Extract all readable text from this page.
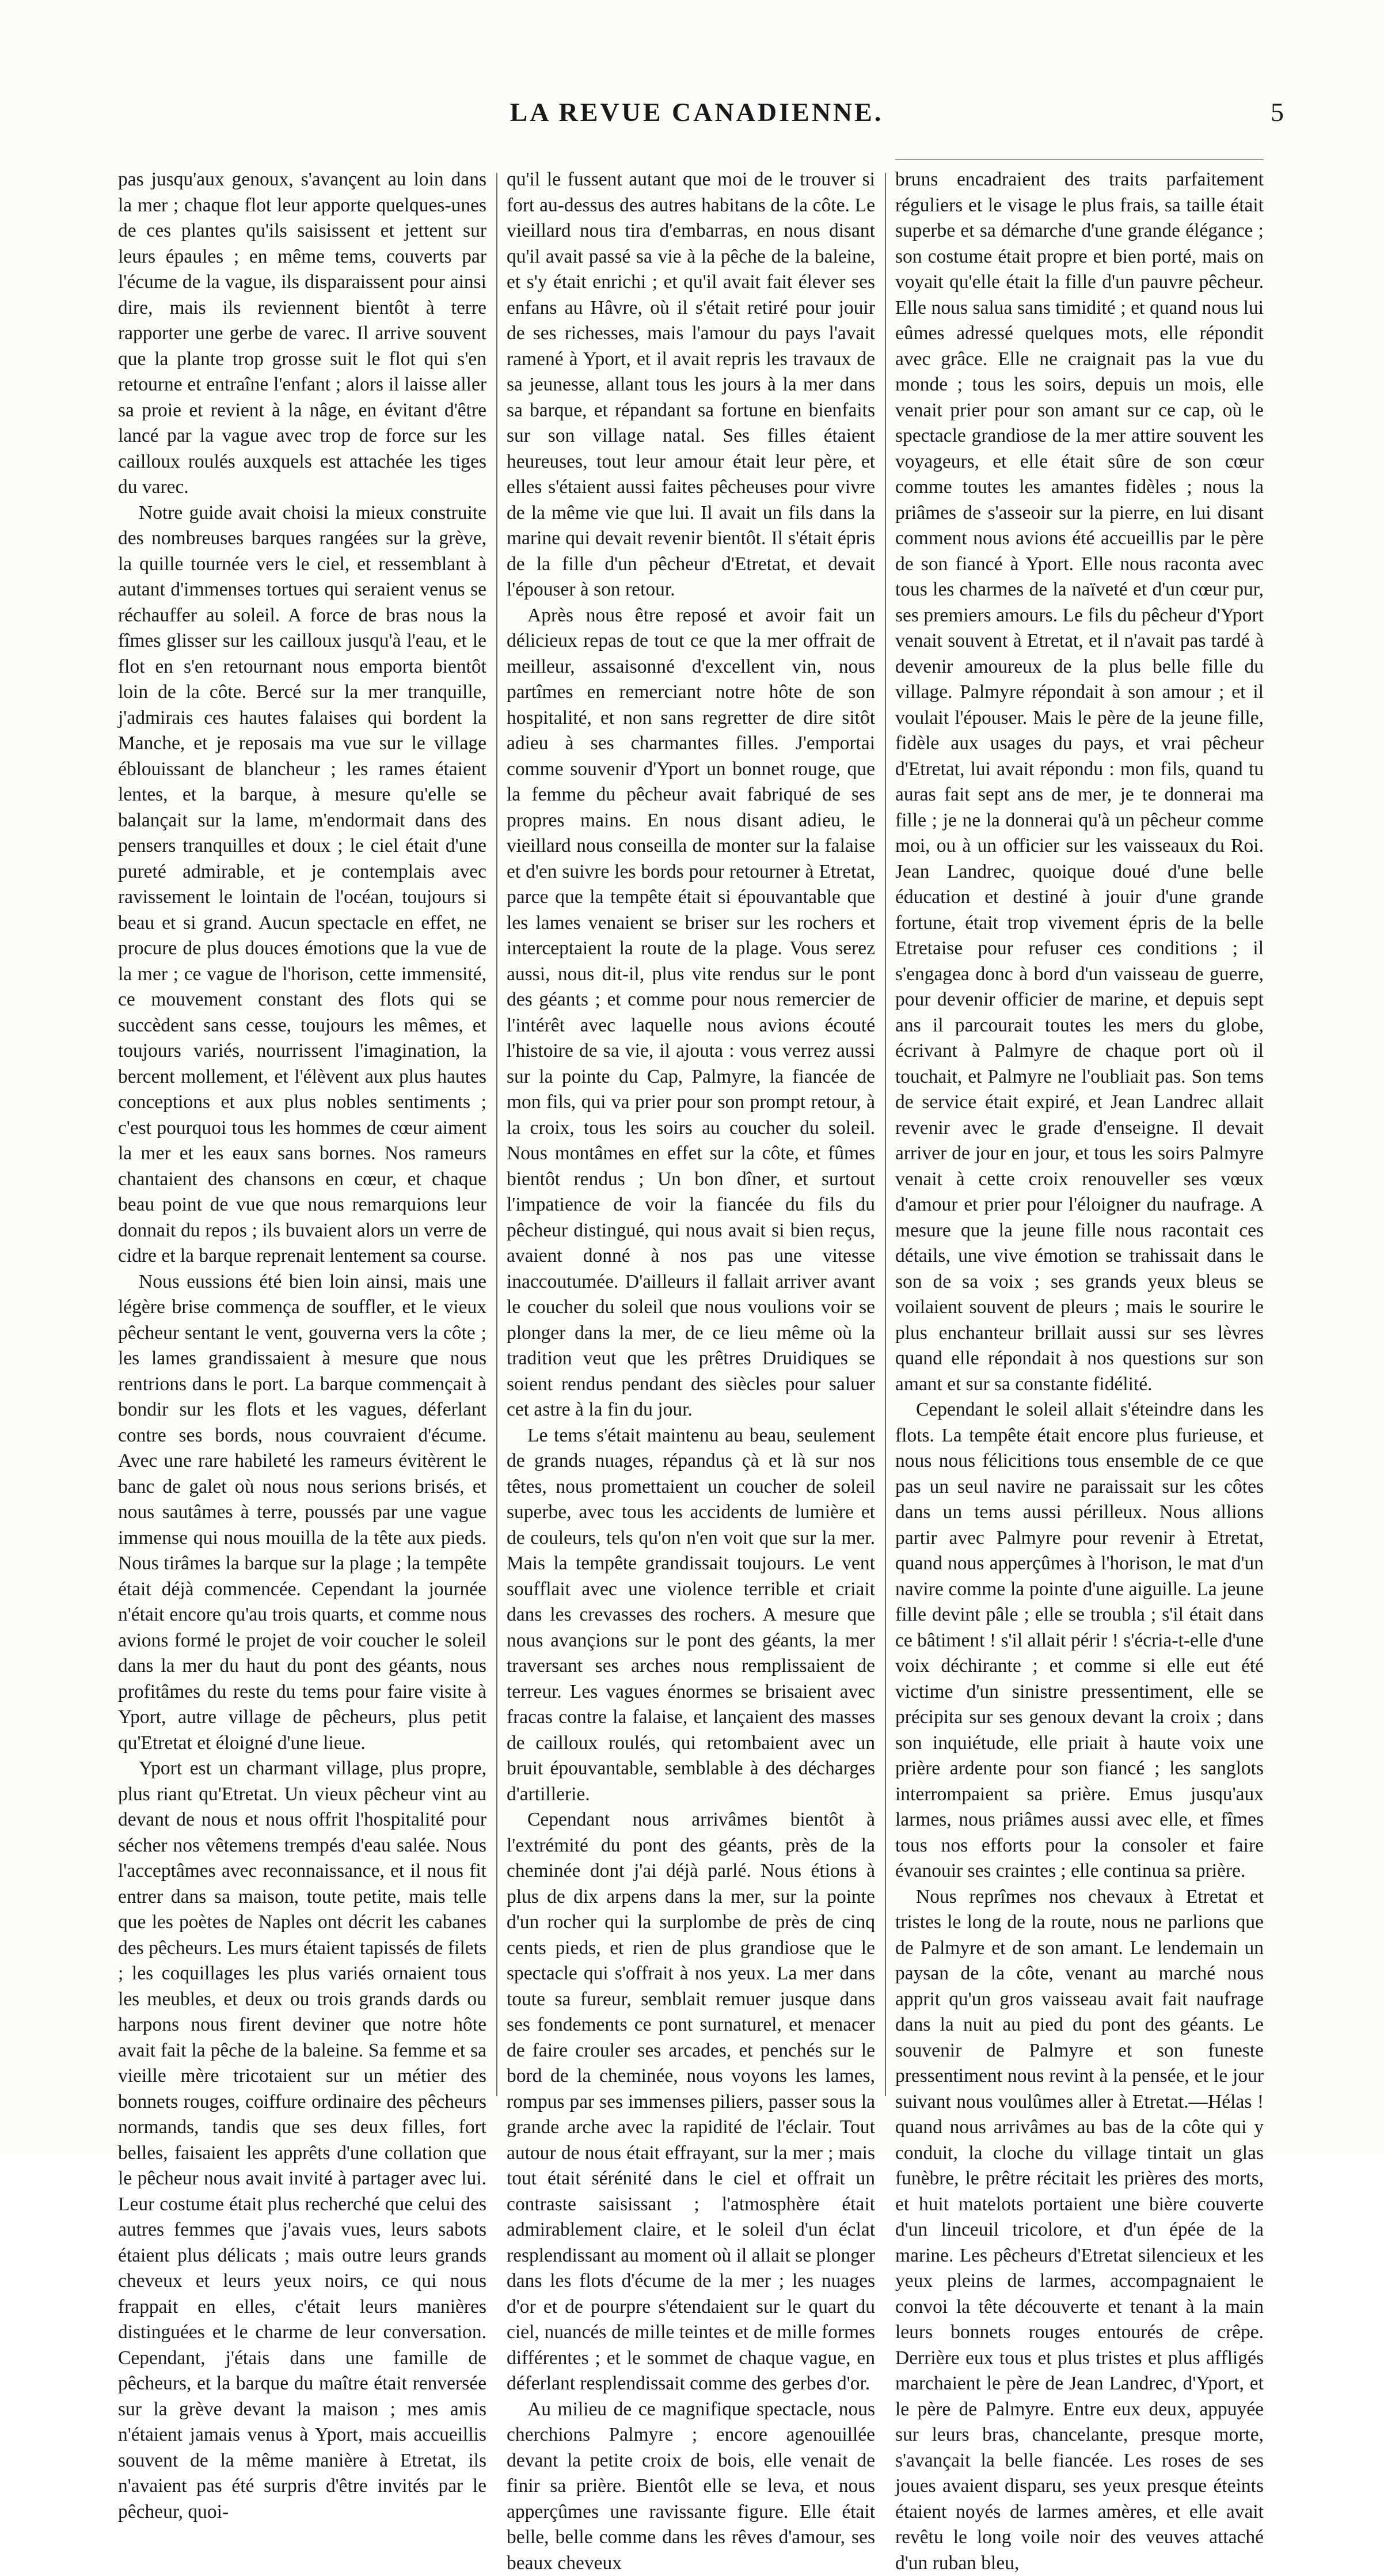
LA REVUE CANADIENNE.	5

pas jusqu'aux genoux, s'avançent au loin dans la mer ; chaque flot leur apporte quelques-unes de ces plantes qu'ils saisissent et jettent sur leurs épaules ; en même tems, couverts par l'écume de la vague, ils disparaissent pour ainsi dire, mais ils reviennent bientôt à terre rapporter une gerbe de varec. Il arrive souvent que la plante trop grosse suit le flot qui s'en retourne et entraîne l'enfant ; alors il laisse aller sa proie et revient à la nâge, en évitant d'être lancé par la vague avec trop de force sur les cailloux roulés auxquels est attachée les tiges du varec.

Notre guide avait choisi la mieux construite des nombreuses barques rangées sur la grève, la quille tournée vers le ciel, et ressemblant à autant d'immenses tortues qui seraient venus se réchauffer au soleil. A force de bras nous la fîmes glisser sur les cailloux jusqu'à l'eau, et le flot en s'en retournant nous emporta bientôt loin de la côte. Bercé sur la mer tranquille, j'admirais ces hautes falaises qui bordent la Manche, et je reposais ma vue sur le village éblouissant de blancheur ; les rames étaient lentes, et la barque, à mesure qu'elle se balançait sur la lame, m'endormait dans des pensers tranquilles et doux ; le ciel était d'une pureté admirable, et je contemplais avec ravissement le lointain de l'océan, toujours si beau et si grand. Aucun spectacle en effet, ne procure de plus douces émotions que la vue de la mer ; ce vague de l'horison, cette immensité, ce mouvement constant des flots qui se succèdent sans cesse, toujours les mêmes, et toujours variés, nourrissent l'imagination, la bercent mollement, et l'élèvent aux plus hautes conceptions et aux plus nobles sentiments ; c'est pourquoi tous les hommes de cœur aiment la mer et les eaux sans bornes. Nos rameurs chantaient des chansons en cœur, et chaque beau point de vue que nous remarquions leur donnait du repos ; ils buvaient alors un verre de cidre et la barque reprenait lentement sa course.

Nous eussions été bien loin ainsi, mais une légère brise commença de souffler, et le vieux pêcheur sentant le vent, gouverna vers la côte ; les lames grandissaient à mesure que nous rentrions dans le port. La barque commençait à bondir sur les flots et les vagues, déferlant contre ses bords, nous couvraient d'écume. Avec une rare habileté les rameurs évitèrent le banc de galet où nous nous serions brisés, et nous sautâmes à terre, poussés par une vague immense qui nous mouilla de la tête aux pieds. Nous tirâmes la barque sur la plage ; la tempête était déjà commencée. Cependant la journée n'était encore qu'au trois quarts, et comme nous avions formé le projet de voir coucher le soleil dans la mer du haut du pont des géants, nous profitâmes du reste du tems pour faire visite à Yport, autre village de pêcheurs, plus petit qu'Etretat et éloigné d'une lieue.

Yport est un charmant village, plus propre, plus riant qu'Etretat. Un vieux pêcheur vint au devant de nous et nous offrit l'hospitalité pour sécher nos vêtemens trempés d'eau salée. Nous l'acceptâmes avec reconnaissance, et il nous fit entrer dans sa maison, toute petite, mais telle que les poètes de Naples ont décrit les cabanes des pêcheurs. Les murs étaient tapissés de filets ; les coquillages les plus variés ornaient tous les meubles, et deux ou trois grands dards ou harpons nous firent deviner que notre hôte avait fait la pêche de la baleine. Sa femme et sa vieille mère tricotaient sur un métier des bonnets rouges, coiffure ordinaire des pêcheurs normands, tandis que ses deux filles, fort belles, faisaient les apprêts d'une collation que le pêcheur nous avait invité à partager avec lui. Leur costume était plus recherché que celui des autres femmes que j'avais vues, leurs sabots étaient plus délicats ; mais outre leurs grands cheveux et leurs yeux noirs, ce qui nous frappait en elles, c'était leurs manières distinguées et le charme de leur conversation. Cependant, j'étais dans une famille de pêcheurs, et la barque du maître était renversée sur la grève devant la maison ; mes amis n'étaient jamais venus à Yport, mais accueillis souvent de la même manière à Etretat, ils n'avaient pas été surpris d'être invités par le pêcheur, quoi-

qu'il le fussent autant que moi de le trouver si fort au-dessus des autres habitans de la côte. Le vieillard nous tira d'embarras, en nous disant qu'il avait passé sa vie à la pêche de la baleine, et s'y était enrichi ; et qu'il avait fait élever ses enfans au Hâvre, où il s'était retiré pour jouir de ses richesses, mais l'amour du pays l'avait ramené à Yport, et il avait repris les travaux de sa jeunesse, allant tous les jours à la mer dans sa barque, et répandant sa fortune en bienfaits sur son village natal. Ses filles étaient heureuses, tout leur amour était leur père, et elles s'étaient aussi faites pêcheuses pour vivre de la même vie que lui. Il avait un fils dans la marine qui devait revenir bientôt. Il s'était épris de la fille d'un pêcheur d'Etretat, et devait l'épouser à son retour.

Après nous être reposé et avoir fait un délicieux repas de tout ce que la mer offrait de meilleur, assaisonné d'excellent vin, nous partîmes en remerciant notre hôte de son hospitalité, et non sans regretter de dire sitôt adieu à ses charmantes filles. J'emportai comme souvenir d'Yport un bonnet rouge, que la femme du pêcheur avait fabriqué de ses propres mains. En nous disant adieu, le vieillard nous conseilla de monter sur la falaise et d'en suivre les bords pour retourner à Etretat, parce que la tempête était si épouvantable que les lames venaient se briser sur les rochers et interceptaient la route de la plage. Vous serez aussi, nous dit-il, plus vite rendus sur le pont des géants ; et comme pour nous remercier de l'intérêt avec laquelle nous avions écouté l'histoire de sa vie, il ajouta : vous verrez aussi sur la pointe du Cap, Palmyre, la fiancée de mon fils, qui va prier pour son prompt retour, à la croix, tous les soirs au coucher du soleil. Nous montâmes en effet sur la côte, et fûmes bientôt rendus ; Un bon dîner, et surtout l'impatience de voir la fiancée du fils du pêcheur distingué, qui nous avait si bien reçus, avaient donné à nos pas une vitesse inaccoutumée. D'ailleurs il fallait arriver avant le coucher du soleil que nous voulions voir se plonger dans la mer, de ce lieu même où la tradition veut que les prêtres Druidiques se soient rendus pendant des siècles pour saluer cet astre à la fin du jour.

Le tems s'était maintenu au beau, seulement de grands nuages, répandus çà et là sur nos têtes, nous promettaient un coucher de soleil superbe, avec tous les accidents de lumière et de couleurs, tels qu'on n'en voit que sur la mer. Mais la tempête grandissait toujours. Le vent soufflait avec une violence terrible et criait dans les crevasses des rochers. A mesure que nous avançions sur le pont des géants, la mer traversant ses arches nous remplissaient de terreur. Les vagues énormes se brisaient avec fracas contre la falaise, et lançaient des masses de cailloux roulés, qui retombaient avec un bruit épouvantable, semblable à des décharges d'artillerie.

Cependant nous arrivâmes bientôt à l'extrémité du pont des géants, près de la cheminée dont j'ai déjà parlé. Nous étions à plus de dix arpens dans la mer, sur la pointe d'un rocher qui la surplombe de près de cinq cents pieds, et rien de plus grandiose que le spectacle qui s'offrait à nos yeux. La mer dans toute sa fureur, semblait remuer jusque dans ses fondements ce pont surnaturel, et menacer de faire crouler ses arcades, et penchés sur le bord de la cheminée, nous voyons les lames, rompus par ses immenses piliers, passer sous la grande arche avec la rapidité de l'éclair. Tout autour de nous était effrayant, sur la mer ; mais tout était sérénité dans le ciel et offrait un contraste saisissant ; l'atmosphère était admirablement claire, et le soleil d'un éclat resplendissant au moment où il allait se plonger dans les flots d'écume de la mer ; les nuages d'or et de pourpre s'étendaient sur le quart du ciel, nuancés de mille teintes et de mille formes différentes ; et le sommet de chaque vague, en déferlant resplendissait comme des gerbes d'or.

Au milieu de ce magnifique spectacle, nous cherchions Palmyre ; encore agenouillée devant la petite croix de bois, elle venait de finir sa prière. Bientôt elle se leva, et nous apperçûmes une ravissante figure. Elle était belle, belle comme dans les rêves d'amour, ses beaux cheveux

bruns encadraient des traits parfaitement réguliers et le visage le plus frais, sa taille était superbe et sa démarche d'une grande élégance ; son costume était propre et bien porté, mais on voyait qu'elle était la fille d'un pauvre pêcheur. Elle nous salua sans timidité ; et quand nous lui eûmes adressé quelques mots, elle répondit avec grâce. Elle ne craignait pas la vue du monde ; tous les soirs, depuis un mois, elle venait prier pour son amant sur ce cap, où le spectacle grandiose de la mer attire souvent les voyageurs, et elle était sûre de son cœur comme toutes les amantes fidèles ; nous la priâmes de s'asseoir sur la pierre, en lui disant comment nous avions été accueillis par le père de son fiancé à Yport. Elle nous raconta avec tous les charmes de la naïveté et d'un cœur pur, ses premiers amours. Le fils du pêcheur d'Yport venait souvent à Etretat, et il n'avait pas tardé à devenir amoureux de la plus belle fille du village. Palmyre répondait à son amour ; et il voulait l'épouser. Mais le père de la jeune fille, fidèle aux usages du pays, et vrai pêcheur d'Etretat, lui avait répondu : mon fils, quand tu auras fait sept ans de mer, je te donnerai ma fille ; je ne la donnerai qu'à un pêcheur comme moi, ou à un officier sur les vaisseaux du Roi. Jean Landrec, quoique doué d'une belle éducation et destiné à jouir d'une grande fortune, était trop vivement épris de la belle Etretaise pour refuser ces conditions ; il s'engagea donc à bord d'un vaisseau de guerre, pour devenir officier de marine, et depuis sept ans il parcourait toutes les mers du globe, écrivant à Palmyre de chaque port où il touchait, et Palmyre ne l'oubliait pas. Son tems de service était expiré, et Jean Landrec allait revenir avec le grade d'enseigne. Il devait arriver de jour en jour, et tous les soirs Palmyre venait à cette croix renouveller ses vœux d'amour et prier pour l'éloigner du naufrage. A mesure que la jeune fille nous racontait ces détails, une vive émotion se trahissait dans le son de sa voix ; ses grands yeux bleus se voilaient souvent de pleurs ; mais le sourire le plus enchanteur brillait aussi sur ses lèvres quand elle répondait à nos questions sur son amant et sur sa constante fidélité.

Cependant le soleil allait s'éteindre dans les flots. La tempête était encore plus furieuse, et nous nous félicitions tous ensemble de ce que pas un seul navire ne paraissait sur les côtes dans un tems aussi périlleux. Nous allions partir avec Palmyre pour revenir à Etretat, quand nous apperçûmes à l'horison, le mat d'un navire comme la pointe d'une aiguille. La jeune fille devint pâle ; elle se troubla ; s'il était dans ce bâtiment ! s'il allait périr ! s'écria-t-elle d'une voix déchirante ; et comme si elle eut été victime d'un sinistre pressentiment, elle se précipita sur ses genoux devant la croix ; dans son inquiétude, elle priait à haute voix une prière ardente pour son fiancé ; les sanglots interrompaient sa prière. Emus jusqu'aux larmes, nous priâmes aussi avec elle, et fîmes tous nos efforts pour la consoler et faire évanouir ses craintes ; elle continua sa prière.

Nous reprîmes nos chevaux à Etretat et tristes le long de la route, nous ne parlions que de Palmyre et de son amant. Le lendemain un paysan de la côte, venant au marché nous apprit qu'un gros vaisseau avait fait naufrage dans la nuit au pied du pont des géants. Le souvenir de Palmyre et son funeste pressentiment nous revint à la pensée, et le jour suivant nous voulûmes aller à Etretat.—Hélas ! quand nous arrivâmes au bas de la côte qui y conduit, la cloche du village tintait un glas funèbre, le prêtre récitait les prières des morts, et huit matelots portaient une bière couverte d'un linceuil tricolore, et d'un épée de la marine. Les pêcheurs d'Etretat silencieux et les yeux pleins de larmes, accompagnaient le convoi la tête découverte et tenant à la main leurs bonnets rouges entourés de crêpe. Derrière eux tous et plus tristes et plus affligés marchaient le père de Jean Landrec, d'Yport, et le père de Palmyre. Entre eux deux, appuyée sur leurs bras, chancelante, presque morte, s'avançait la belle fiancée. Les roses de ses joues avaient disparu, ses yeux presque éteints étaient noyés de larmes amères, et elle avait revêtu le long voile noir des veuves attaché d'un ruban bleu,
